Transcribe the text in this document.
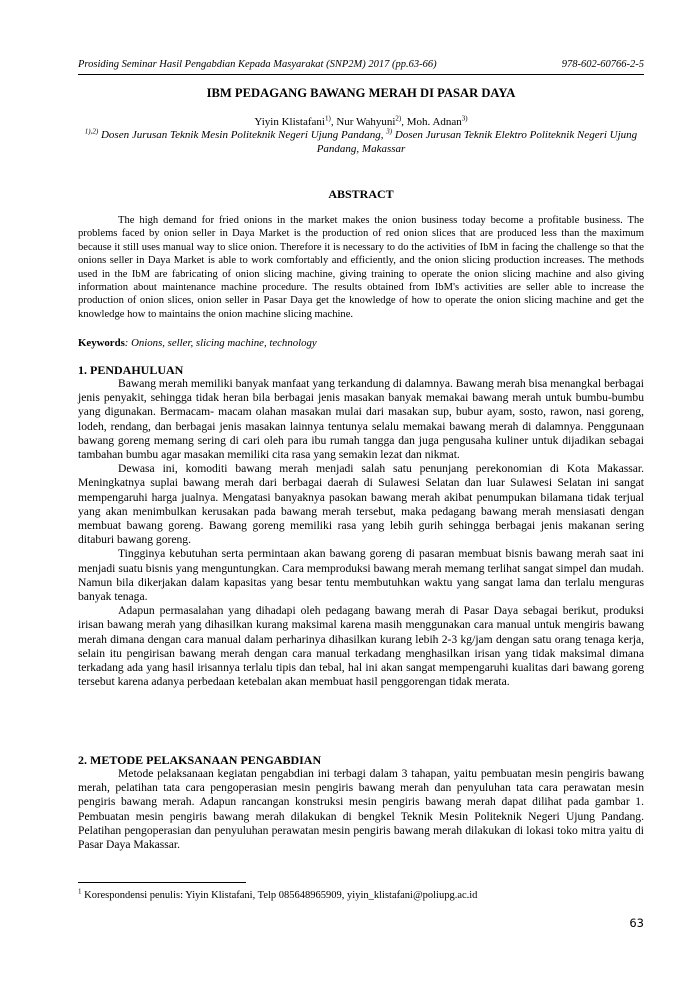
Prosiding Seminar Hasil Pengabdian Kepada Masyarakat (SNP2M) 2017 (pp.63-66)	978-602-60766-2-5
IBM PEDAGANG BAWANG MERAH DI PASAR DAYA
Yiyin Klistafani$^{1)}$, Nur Wahyuni$^{2)}$, Moh. Adnan$^{3)}$
$^{1),2)}$ Dosen Jurusan Teknik Mesin Politeknik Negeri Ujung Pandang, $^{3)}$ Dosen Jurusan Teknik Elektro Politeknik Negeri Ujung Pandang, Makassar
ABSTRACT

The high demand for fried onions in the market makes the onion business today become a profitable business. The problems faced by onion seller in Daya Market is the production of red onion slices that are produced less than the maximum because it still uses manual way to slice onion. Therefore it is necessary to do the activities of IbM in facing the challenge so that the onions seller in Daya Market is able to work comfortably and efficiently, and the onion slicing production increases. The methods used in the IbM are fabricating of onion slicing machine, giving training to operate the onion slicing machine and also giving information about maintenance machine procedure. The results obtained from IbM's activities are seller able to increase the production of onion slices, onion seller in Pasar Daya get the knowledge of how to operate the onion slicing machine and get the knowledge how to maintains the onion machine slicing machine.

Keywords: Onions, seller, slicing machine, technology
1. PENDAHULUAN

Bawang merah memiliki banyak manfaat yang terkandung di dalamnya. Bawang merah bisa menangkal berbagai jenis penyakit, sehingga tidak heran bila berbagai jenis masakan banyak memakai bawang merah untuk bumbu-bumbu yang digunakan. Bermacam- macam olahan masakan mulai dari masakan sup, bubur ayam, sosto, rawon, nasi goreng, lodeh, rendang, dan berbagai jenis masakan lainnya tentunya selalu memakai bawang merah di dalamnya. Penggunaan bawang goreng memang sering di cari oleh para ibu rumah tangga dan juga pengusaha kuliner untuk dijadikan sebagai tambahan bumbu agar masakan memiliki cita rasa yang semakin lezat dan nikmat.

Dewasa ini, komoditi bawang merah menjadi salah satu penunjang perekonomian di Kota Makassar. Meningkatnya suplai bawang merah dari berbagai daerah di Sulawesi Selatan dan luar Sulawesi Selatan ini sangat mempengaruhi harga jualnya. Mengatasi banyaknya pasokan bawang merah akibat penumpukan bilamana tidak terjual yang akan menimbulkan kerusakan pada bawang merah tersebut, maka pedagang bawang merah mensiasati dengan membuat bawang goreng. Bawang goreng memiliki rasa yang lebih gurih sehingga berbagai jenis makanan sering ditaburi bawang goreng.

Tingginya kebutuhan serta permintaan akan bawang goreng di pasaran membuat bisnis bawang merah saat ini menjadi suatu bisnis yang menguntungkan. Cara memproduksi bawang merah memang terlihat sangat simpel dan mudah. Namun bila dikerjakan dalam kapasitas yang besar tentu membutuhkan waktu yang sangat lama dan terlalu menguras banyak tenaga.

Adapun permasalahan yang dihadapi oleh pedagang bawang merah di Pasar Daya sebagai berikut, produksi irisan bawang merah yang dihasilkan kurang maksimal karena masih menggunakan cara manual untuk mengiris bawang merah dimana dengan cara manual dalam perharinya dihasilkan kurang lebih 2-3 kg/jam dengan satu orang tenaga kerja, selain itu pengirisan bawang merah dengan cara manual terkadang menghasilkan irisan yang tidak maksimal dimana terkadang ada yang hasil irisannya terlalu tipis dan tebal, hal ini akan sangat mempengaruhi kualitas dari bawang goreng tersebut karena adanya perbedaan ketebalan akan membuat hasil penggorengan tidak merata.

2. METODE PELAKSANAAN PENGABDIAN

Metode pelaksanaan kegiatan pengabdian ini terbagi dalam 3 tahapan, yaitu pembuatan mesin pengiris bawang merah, pelatihan tata cara pengoperasian mesin pengiris bawang merah dan penyuluhan tata cara perawatan mesin pengiris bawang merah. Adapun rancangan konstruksi mesin pengiris bawang merah dapat dilihat pada gambar 1. Pembuatan mesin pengiris bawang merah dilakukan di bengkel Teknik Mesin Politeknik Negeri Ujung Pandang. Pelatihan pengoperasian dan penyuluhan perawatan mesin pengiris bawang merah dilakukan di lokasi toko mitra yaitu di Pasar Daya Makassar.

$^1$ Korespondensi penulis: Yiyin Klistafani, Telp 085648965909, yiyin_klistafani@poliupg.ac.id
63
